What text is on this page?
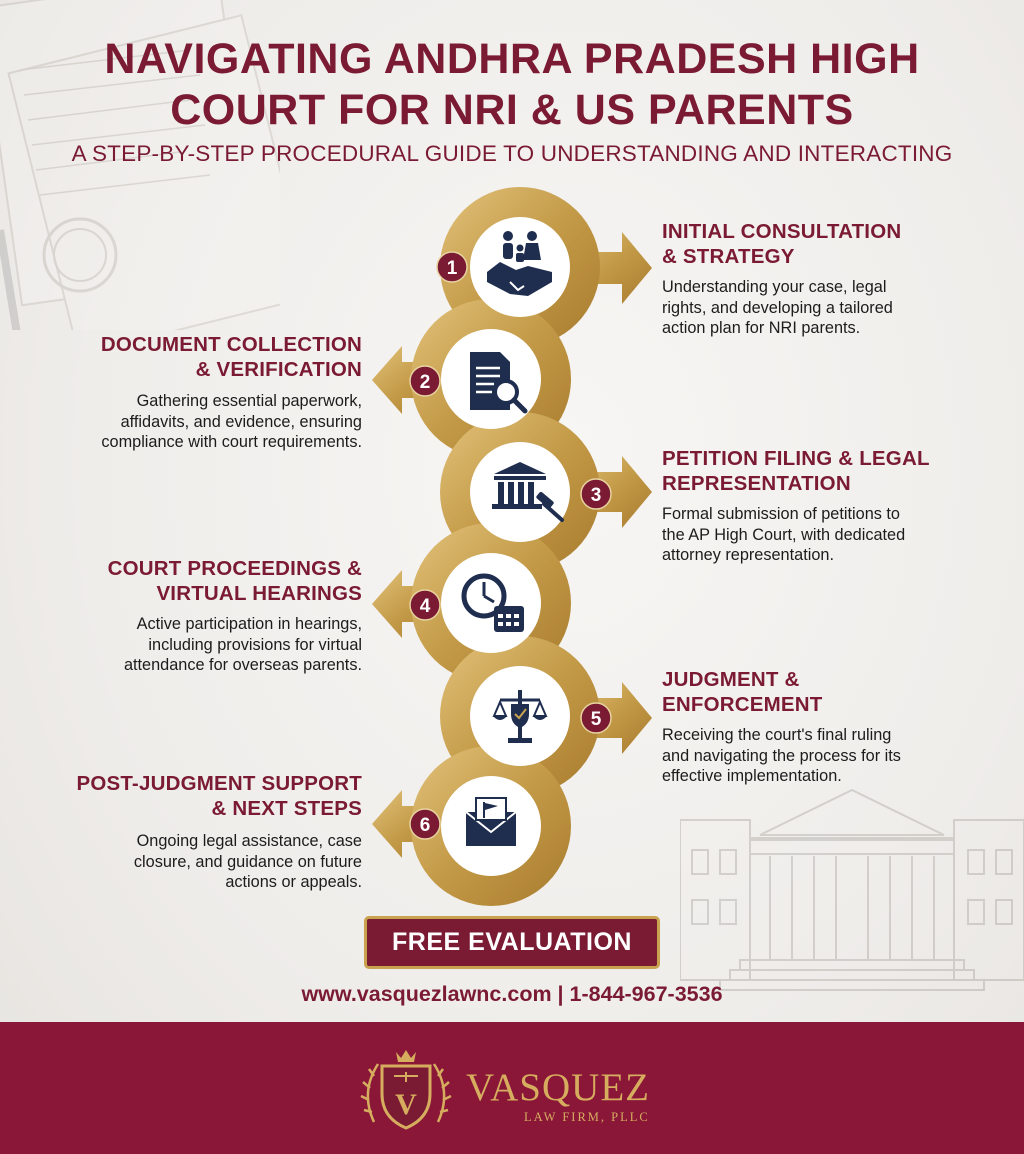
NAVIGATING ANDHRA PRADESH HIGH
COURT FOR NRI & US PARENTS

A STEP-BY-STEP PROCEDURAL GUIDE TO UNDERSTANDING AND INTERACTING

1
2
3
4
5
6
INITIAL CONSULTATION
& STRATEGY
Understanding your case, legal
rights, and developing a tailored
action plan for NRI parents.
DOCUMENT COLLECTION
& VERIFICATION
Gathering essential paperwork,
affidavits, and evidence, ensuring
compliance with court requirements.
PETITION FILING & LEGAL
REPRESENTATION
Formal submission of petitions to
the AP High Court, with dedicated
attorney representation.
COURT PROCEEDINGS &
VIRTUAL HEARINGS
Active participation in hearings,
including provisions for virtual
attendance for overseas parents.
JUDGMENT &
ENFORCEMENT
Receiving the court's final ruling
and navigating the process for its
effective implementation.
POST-JUDGMENT SUPPORT
& NEXT STEPS
Ongoing legal assistance, case
closure, and guidance on future
actions or appeals.
FREE EVALUATION
www.vasquezlawnc.com | 1-844-967-3536
V VASQUEZ
LAW FIRM, PLLC
